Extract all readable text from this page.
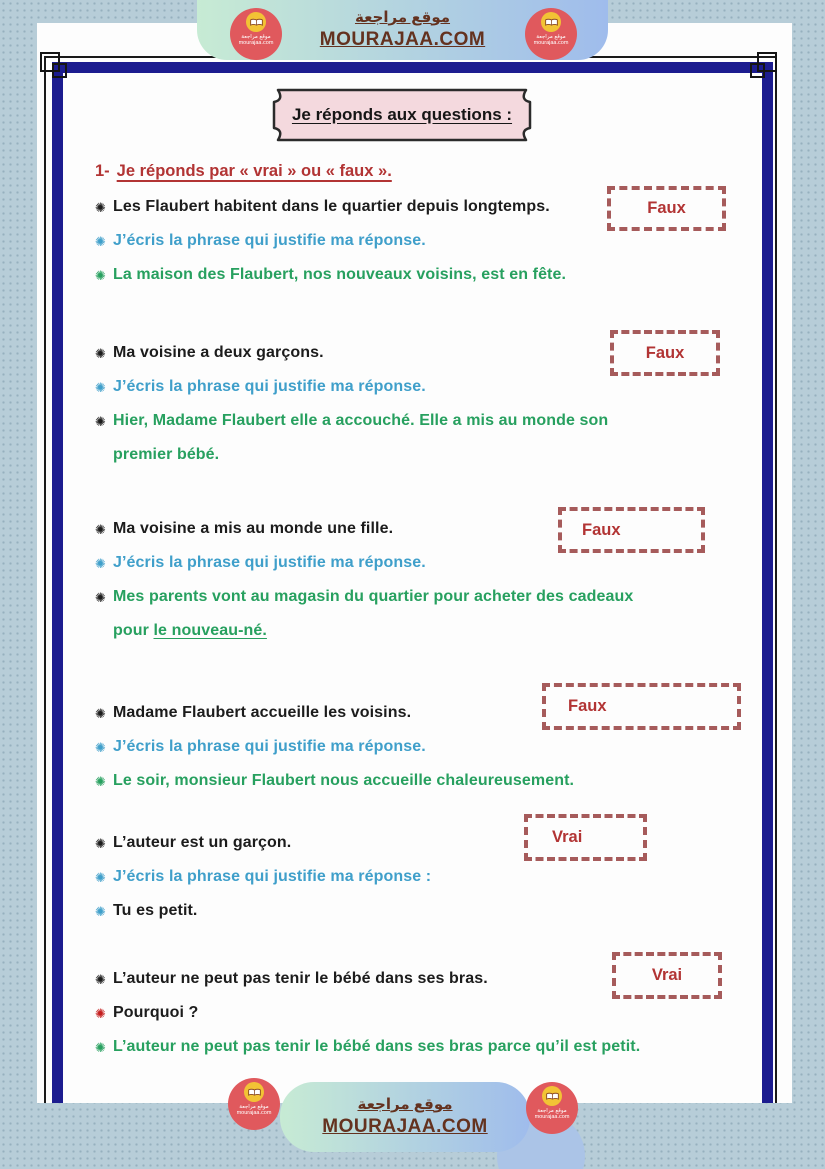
موقع مراجعة
MOURAJAA.COM
موقع مراجعة
mourajaa.com
موقع مراجعة
mourajaa.com
Je réponds aux questions :
1- Je réponds par « vrai » ou « faux ».
✺ Les Flaubert habitent dans le quartier depuis longtemps.
✺ J’écris la phrase qui justifie ma réponse.
✺ La maison des Flaubert, nos nouveaux voisins, est en fête.
Faux
✺ Ma voisine a deux garçons.
✺ J’écris la phrase qui justifie ma réponse.
✺ Hier, Madame Flaubert elle a accouché. Elle a mis au monde son
premier bébé.
Faux
✺ Ma voisine a mis au monde une fille.
✺ J’écris la phrase qui justifie ma réponse.
✺ Mes parents vont au magasin du quartier pour acheter des cadeaux
pour le nouveau-né.
Faux
✺ Madame Flaubert accueille les voisins.
✺ J’écris la phrase qui justifie ma réponse.
✺ Le soir, monsieur Flaubert nous accueille chaleureusement.
Faux
✺ L’auteur est un garçon.
✺ J’écris la phrase qui justifie ma réponse :
✺ Tu es petit.
Vrai
✺ L’auteur ne peut pas tenir le bébé dans ses bras.
✺ Pourquoi ?
✺ L’auteur ne peut pas tenir le bébé dans ses bras parce qu’il est petit.
Vrai
موقع مراجعة
MOURAJAA.COM
موقع مراجعة
mourajaa.com	موقع مراجعة
mourajaa.com
